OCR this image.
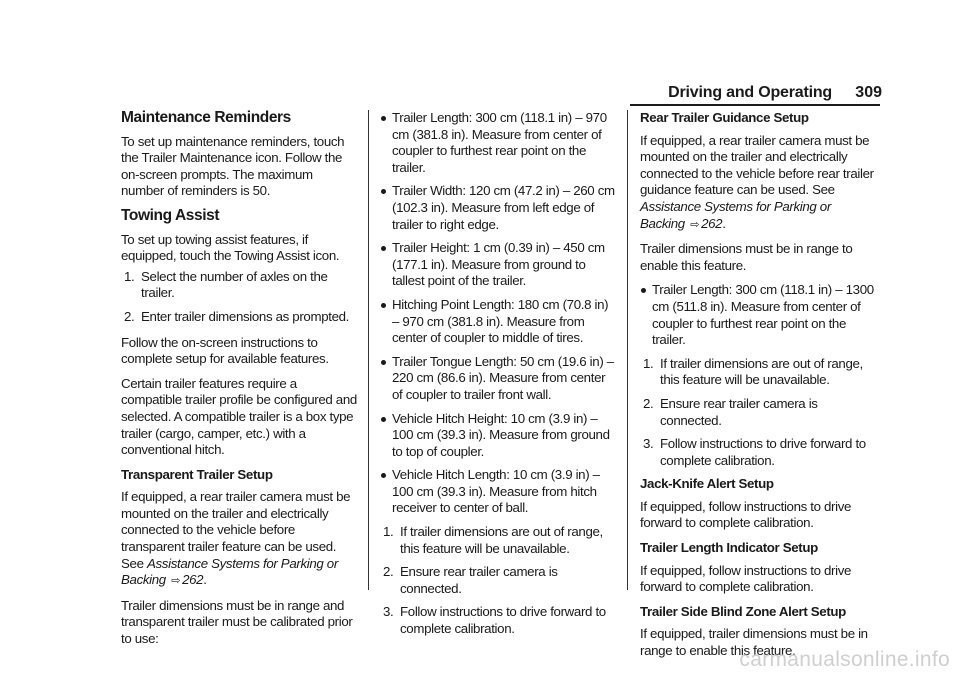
Driving and Operating 309
Maintenance Reminders

To set up maintenance reminders, touch the Trailer Maintenance icon. Follow the on-screen prompts. The maximum number of reminders is 50.

Towing Assist

To set up towing assist features, if equipped, touch the Towing Assist icon.

1. Select the number of axles on the trailer.
2. Enter trailer dimensions as prompted.

Follow the on-screen instructions to complete setup for available features.

Certain trailer features require a compatible trailer profile be configured and selected. A compatible trailer is a box type trailer (cargo, camper, etc.) with a conventional hitch.

Transparent Trailer Setup

If equipped, a rear trailer camera must be mounted on the trailer and electrically connected to the vehicle before transparent trailer feature can be used. See Assistance Systems for Parking or Backing ⇨ 262.

Trailer dimensions must be in range and transparent trailer must be calibrated prior to use:

Trailer Length: 300 cm (118.1 in) – 970 cm (381.8 in). Measure from center of coupler to furthest rear point on the trailer.
Trailer Width: 120 cm (47.2 in) – 260 cm (102.3 in). Measure from left edge of trailer to right edge.
Trailer Height: 1 cm (0.39 in) – 450 cm (177.1 in). Measure from ground to tallest point of the trailer.
Hitching Point Length: 180 cm (70.8 in) – 970 cm (381.8 in). Measure from center of coupler to middle of tires.
Trailer Tongue Length: 50 cm (19.6 in) – 220 cm (86.6 in). Measure from center of coupler to trailer front wall.
Vehicle Hitch Height: 10 cm (3.9 in) – 100 cm (39.3 in). Measure from ground to top of coupler.
Vehicle Hitch Length: 10 cm (3.9 in) – 100 cm (39.3 in). Measure from hitch receiver to center of ball.
1. If trailer dimensions are out of range, this feature will be unavailable.
2. Ensure rear trailer camera is connected.
3. Follow instructions to drive forward to complete calibration.
Rear Trailer Guidance Setup

If equipped, a rear trailer camera must be mounted on the trailer and electrically connected to the vehicle before rear trailer guidance feature can be used. See Assistance Systems for Parking or Backing ⇨ 262.

Trailer dimensions must be in range to enable this feature.

Trailer Length: 300 cm (118.1 in) – 1300 cm (511.8 in). Measure from center of coupler to furthest rear point on the trailer.
1. If trailer dimensions are out of range, this feature will be unavailable.
2. Ensure rear trailer camera is connected.
3. Follow instructions to drive forward to complete calibration.
Jack-Knife Alert Setup

If equipped, follow instructions to drive forward to complete calibration.

Trailer Length Indicator Setup

If equipped, follow instructions to drive forward to complete calibration.

Trailer Side Blind Zone Alert Setup

If equipped, trailer dimensions must be in range to enable this feature.

carmanualsonline.info
